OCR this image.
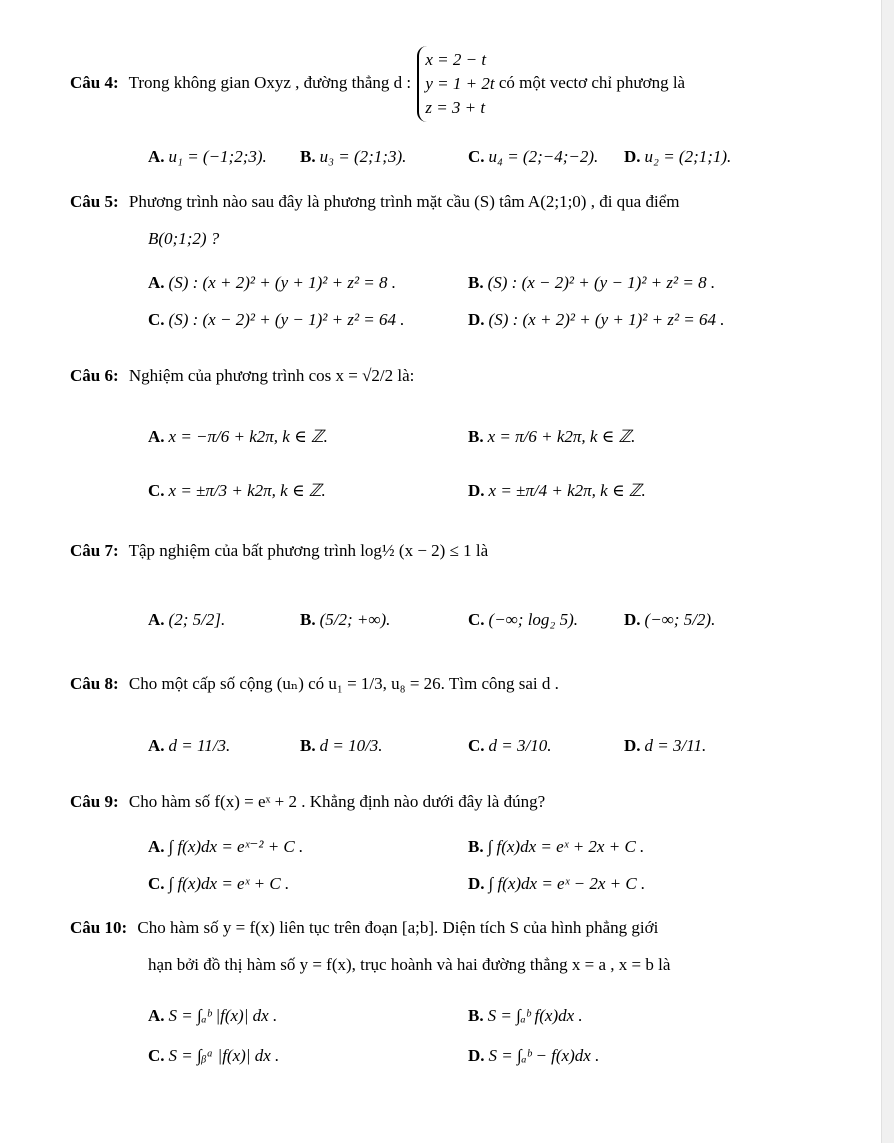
Câu 4: Trong không gian Oxyz , đường thẳng d :
x = 2 − t
y = 1 + 2t
z = 3 + t
có một vectơ chỉ phương là
A. u₁ = (−1;2;3). B. u₃ = (2;1;3).	C. u₄ = (2;−4;−2). D. u₂ = (2;1;1).
Câu 5: Phương trình nào sau đây là phương trình mặt cầu (S) tâm A(2;1;0) , đi qua điểm
B(0;1;2) ?
A. (S) : (x + 2)² + (y + 1)² + z² = 8 .	B. (S) : (x − 2)² + (y − 1)² + z² = 8 .
C. (S) : (x − 2)² + (y − 1)² + z² = 64 .	D. (S) : (x + 2)² + (y + 1)² + z² = 64 .
Câu 6: Nghiệm của phương trình cos x = √2/2 là:
A. x = −π/6 + k2π, k ∈ ℤ.	B. x = π/6 + k2π, k ∈ ℤ.
C. x = ±π/3 + k2π, k ∈ ℤ.	D. x = ±π/4 + k2π, k ∈ ℤ.
Câu 7: Tập nghiệm của bất phương trình log½ (x − 2) ≤ 1 là
A. (2; 5/2].	B. (5/2; +∞).	C. (−∞; log₂ 5).	D. (−∞; 5/2).
Câu 8: Cho một cấp số cộng (uₙ) có u₁ = 1/3, u₈ = 26. Tìm công sai d .
A. d = 11/3.	B. d = 10/3.	C. d = 3/10.	D. d = 3/11.
Câu 9: Cho hàm số f(x) = eˣ + 2 . Khẳng định nào dưới đây là đúng?
A. ∫ f(x)dx = eˣ⁻² + C .	B. ∫ f(x)dx = eˣ + 2x + C .
C. ∫ f(x)dx = eˣ + C .	D. ∫ f(x)dx = eˣ − 2x + C .
Câu 10: Cho hàm số y = f(x) liên tục trên đoạn [a;b]. Diện tích S của hình phẳng giới
hạn bởi đồ thị hàm số y = f(x), trục hoành và hai đường thẳng x = a , x = b là
A. S = ∫ₐᵇ |f(x)| dx .	B. S = ∫ₐᵇ f(x)dx .
C. S = ∫ᵦᵃ |f(x)| dx .	D. S = ∫ₐᵇ − f(x)dx .
